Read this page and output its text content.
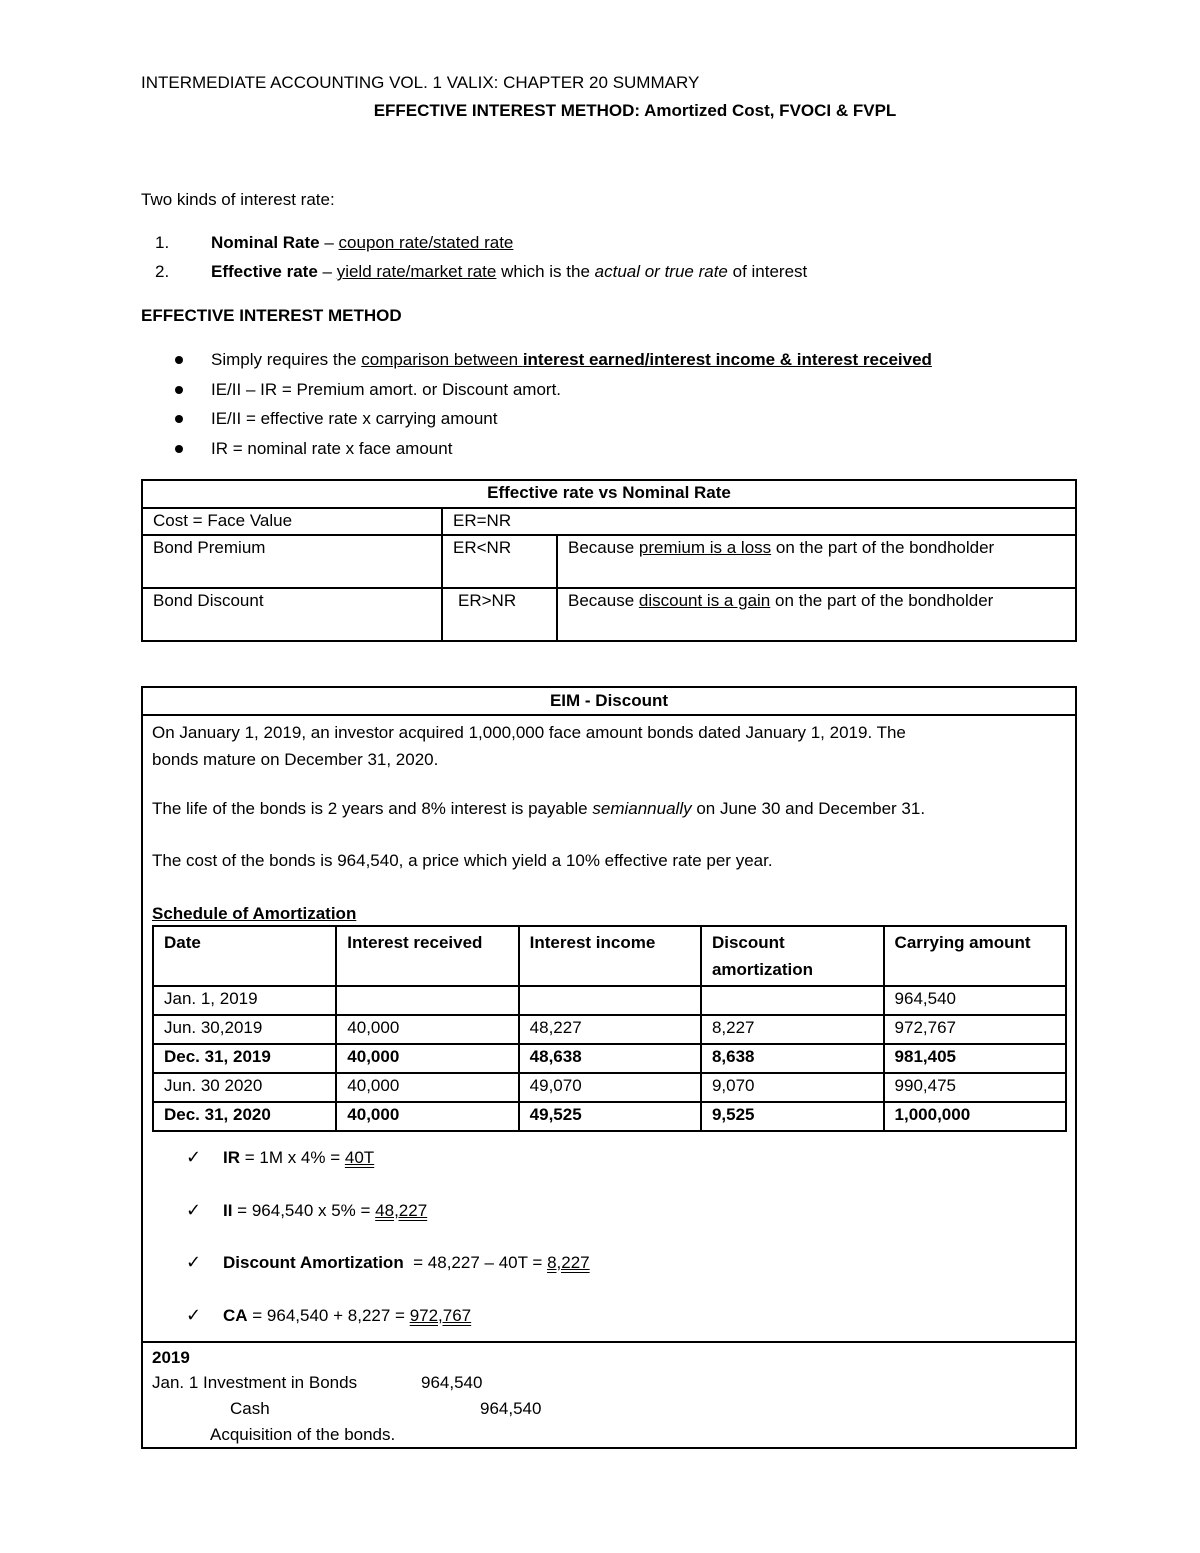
INTERMEDIATE ACCOUNTING VOL. 1 VALIX: CHAPTER 20 SUMMARY
EFFECTIVE INTEREST METHOD: Amortized Cost, FVOCI & FVPL
Two kinds of interest rate:
1. Nominal Rate – coupon rate/stated rate
2. Effective rate – yield rate/market rate which is the actual or true rate of interest
EFFECTIVE INTEREST METHOD
Simply requires the comparison between interest earned/interest income & interest received
IE/II – IR = Premium amort. or Discount amort.
IE/II = effective rate x carrying amount
IR = nominal rate x face amount
Effective rate vs Nominal Rate		
Cost = Face Value	ER=NR	
Bond Premium	ER<NR	Because premium is a loss on the part of the bondholder
Bond Discount	ER>NR	Because discount is a gain on the part of the bondholder
EIM - Discount
On January 1, 2019, an investor acquired 1,000,000 face amount bonds dated January 1, 2019. The
bonds mature on December 31, 2020.
The life of the bonds is 2 years and 8% interest is payable semiannually on June 30 and December 31.
The cost of the bonds is 964,540, a price which yield a 10% effective rate per year.
Schedule of Amortization
Date	Interest received	Interest income	Discount amortization	Carrying amount
Jan. 1, 2019				964,540
Jun. 30,2019	40,000	48,227	8,227	972,767
Dec. 31, 2019	40,000	48,638	8,638	981,405
Jun. 30 2020	40,000	49,070	9,070	990,475
Dec. 31, 2020	40,000	49,525	9,525	1,000,000
✓ IR = 1M x 4% = 40T
✓ II = 964,540 x 5% = 48,227
✓ Discount Amortization  = 48,227 – 40T = 8,227
✓ CA = 964,540 + 8,227 = 972,767
2019
Jan. 1 Investment in Bonds	964,540
Cash	964,540
Acquisition of the bonds.
